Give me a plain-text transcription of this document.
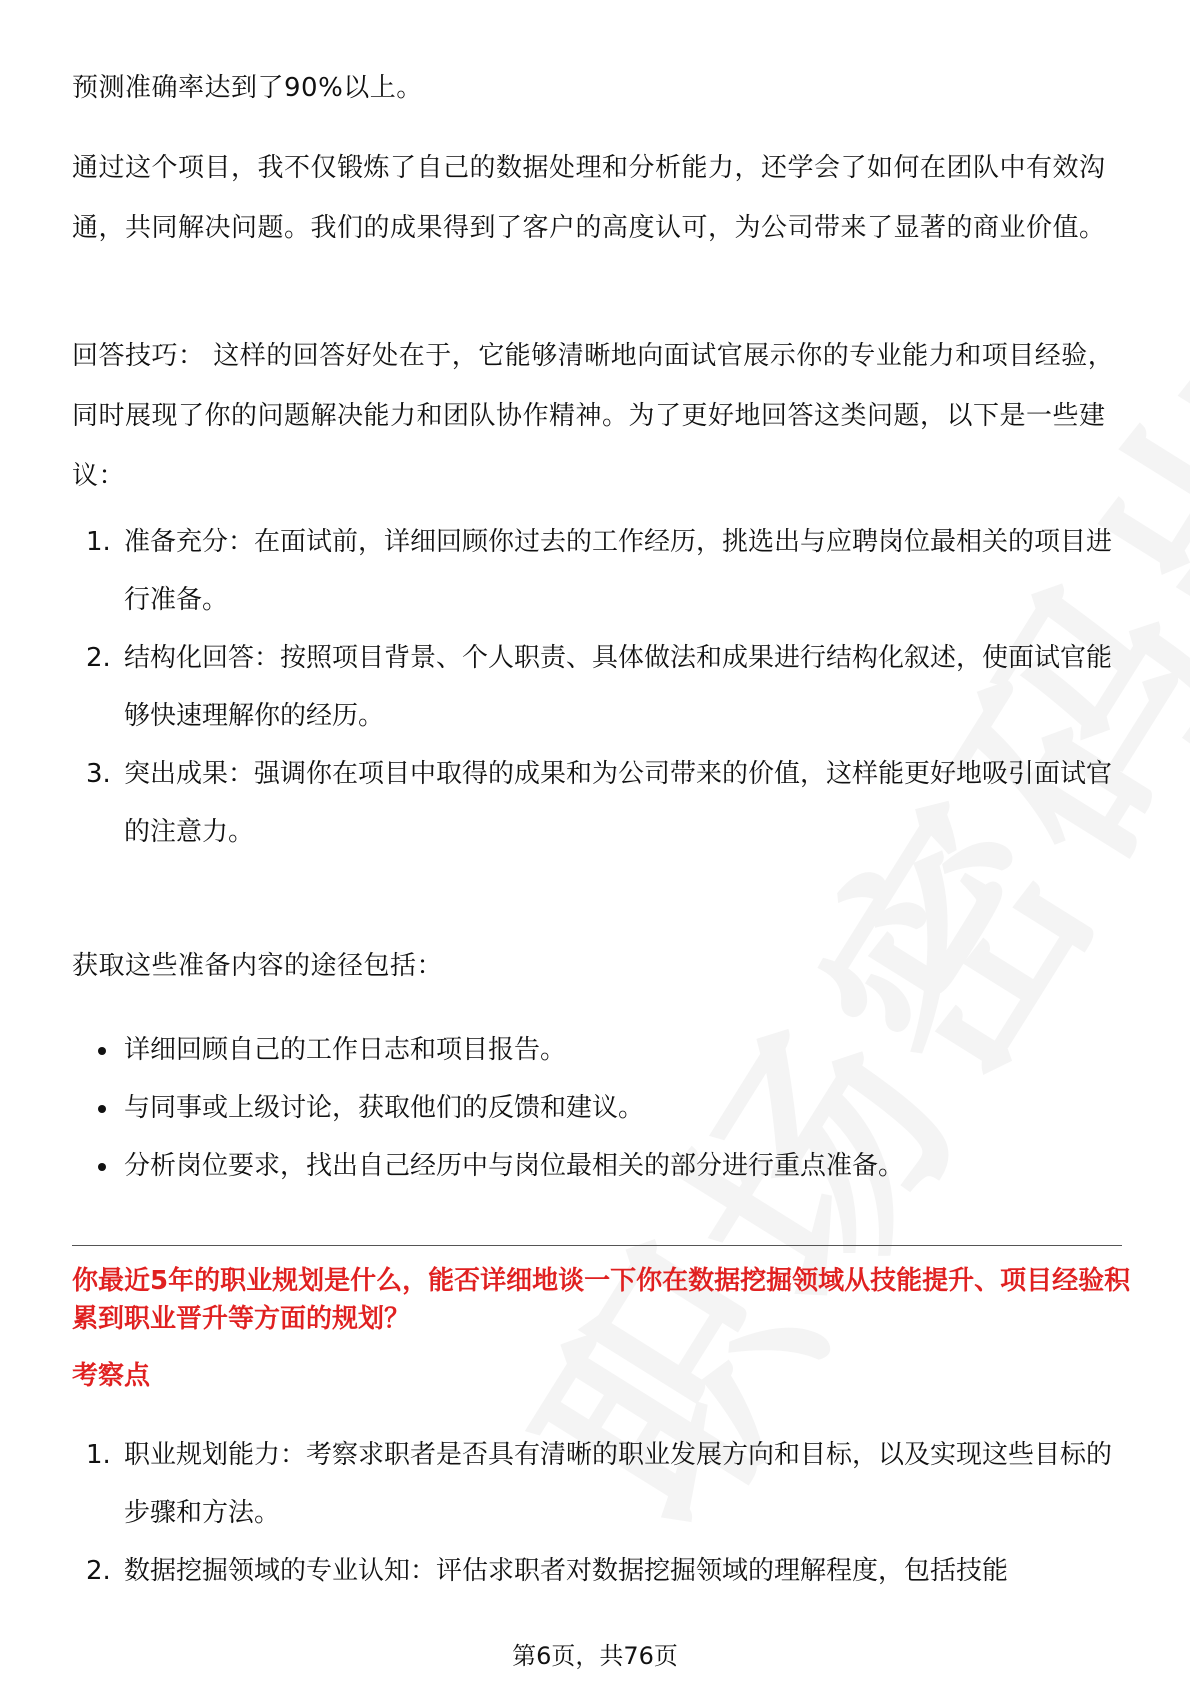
预测准确率达到了90%以上。

通过这个项目，我不仅锻炼了自己的数据处理和分析能力，还学会了如何在团队中有效沟通，共同解决问题。我们的成果得到了客户的高度认可，为公司带来了显著的商业价值。

回答技巧： 这样的回答好处在于，它能够清晰地向面试官展示你的专业能力和项目经验，同时展现了你的问题解决能力和团队协作精神。为了更好地回答这类问题，以下是一些建议：

1. 准备充分：在面试前，详细回顾你过去的工作经历，挑选出与应聘岗位最相关的项目进行准备。
2. 结构化回答：按照项目背景、个人职责、具体做法和成果进行结构化叙述，使面试官能够快速理解你的经历。
3. 突出成果：强调你在项目中取得的成果和为公司带来的价值，这样能更好地吸引面试官的注意力。

获取这些准备内容的途径包括：

详细回顾自己的工作日志和项目报告。
与同事或上级讨论，获取他们的反馈和建议。
分析岗位要求，找出自己经历中与岗位最相关的部分进行重点准备。

你最近5年的职业规划是什么，能否详细地谈一下你在数据挖掘领域从技能提升、项目经验积累到职业晋升等方面的规划？

考察点
1. 职业规划能力：考察求职者是否具有清晰的职业发展方向和目标，以及实现这些目标的步骤和方法。
2. 数据挖掘领域的专业认知：评估求职者对数据挖掘领域的理解程度，包括技能
第6页，共76页
